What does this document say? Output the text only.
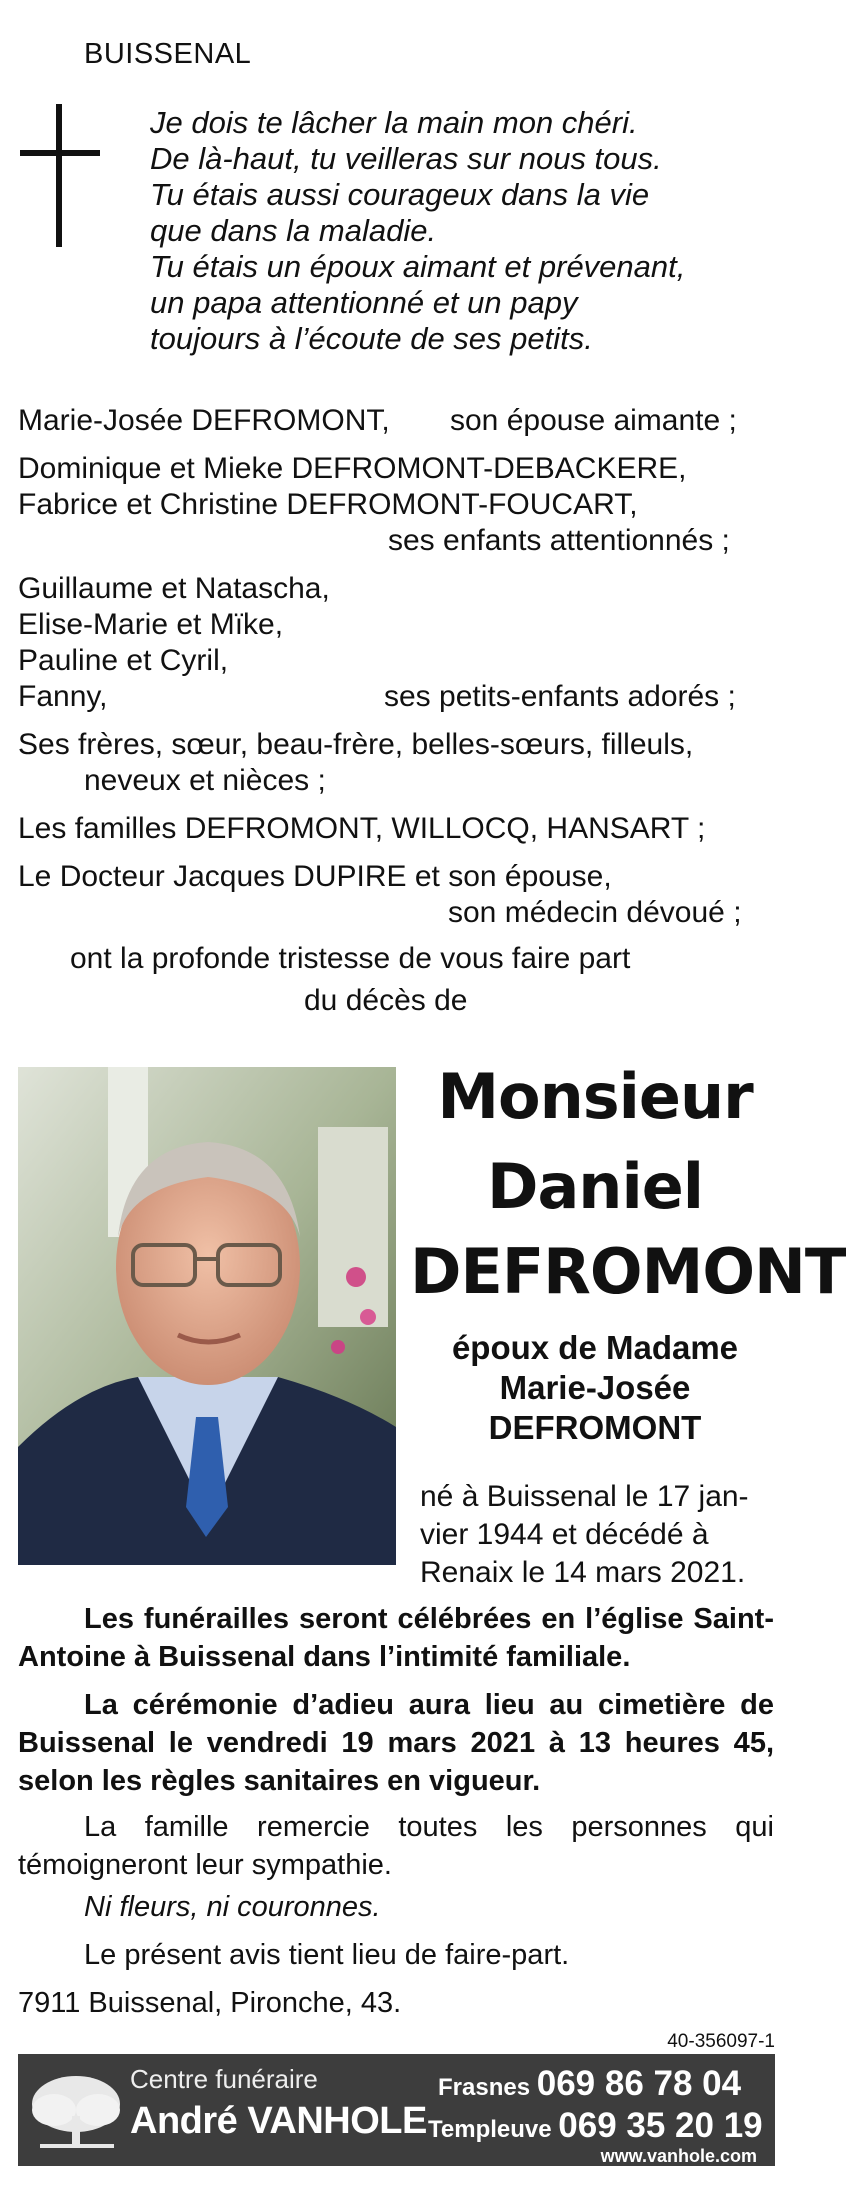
BUISSENAL
Je dois te lâcher la main mon chéri.
De là-haut, tu veilleras sur nous tous.
Tu étais aussi courageux dans la vie
que dans la maladie.
Tu étais un époux aimant et prévenant,
un papa attentionné et un papy
toujours à l’écoute de ses petits.
Marie-Josée DEFROMONT, son épouse aimante ;
Dominique et Mieke DEFROMONT-DEBACKERE,
Fabrice et Christine DEFROMONT-FOUCART,
ses enfants attentionnés ;
Guillaume et Natascha,
Elise-Marie et Mïke,
Pauline et Cyril,
Fanny,	ses petits-enfants adorés ;
Ses frères, sœur, beau-frère, belles-sœurs, filleuls,
neveux et nièces ;
Les familles DEFROMONT, WILLOCQ, HANSART ;
Le Docteur Jacques DUPIRE et son épouse,
son médecin dévoué ;
ont la profonde tristesse de vous faire part
du décès de
Monsieur
Daniel
DEFROMONT
époux de Madame
Marie-Josée
DEFROMONT
né à Buissenal le 17 jan-
vier 1944 et décédé à
Renaix le 14 mars 2021.
Les funérailles seront célébrées en l’église Saint-Antoine à Buissenal dans l’intimité familiale.
La cérémonie d’adieu aura lieu au cimetière de Buissenal le vendredi 19 mars 2021 à 13 heures 45, selon les règles sanitaires en vigueur.
La famille remercie toutes les personnes qui témoigneront leur sympathie.
Ni fleurs, ni couronnes.
Le présent avis tient lieu de faire-part.
7911 Buissenal, Pironche, 43.
40-356097-1
Centre funéraire
André VANHOLE
Frasnes 069 86 78 04
Templeuve 069 35 20 19
www.vanhole.com
